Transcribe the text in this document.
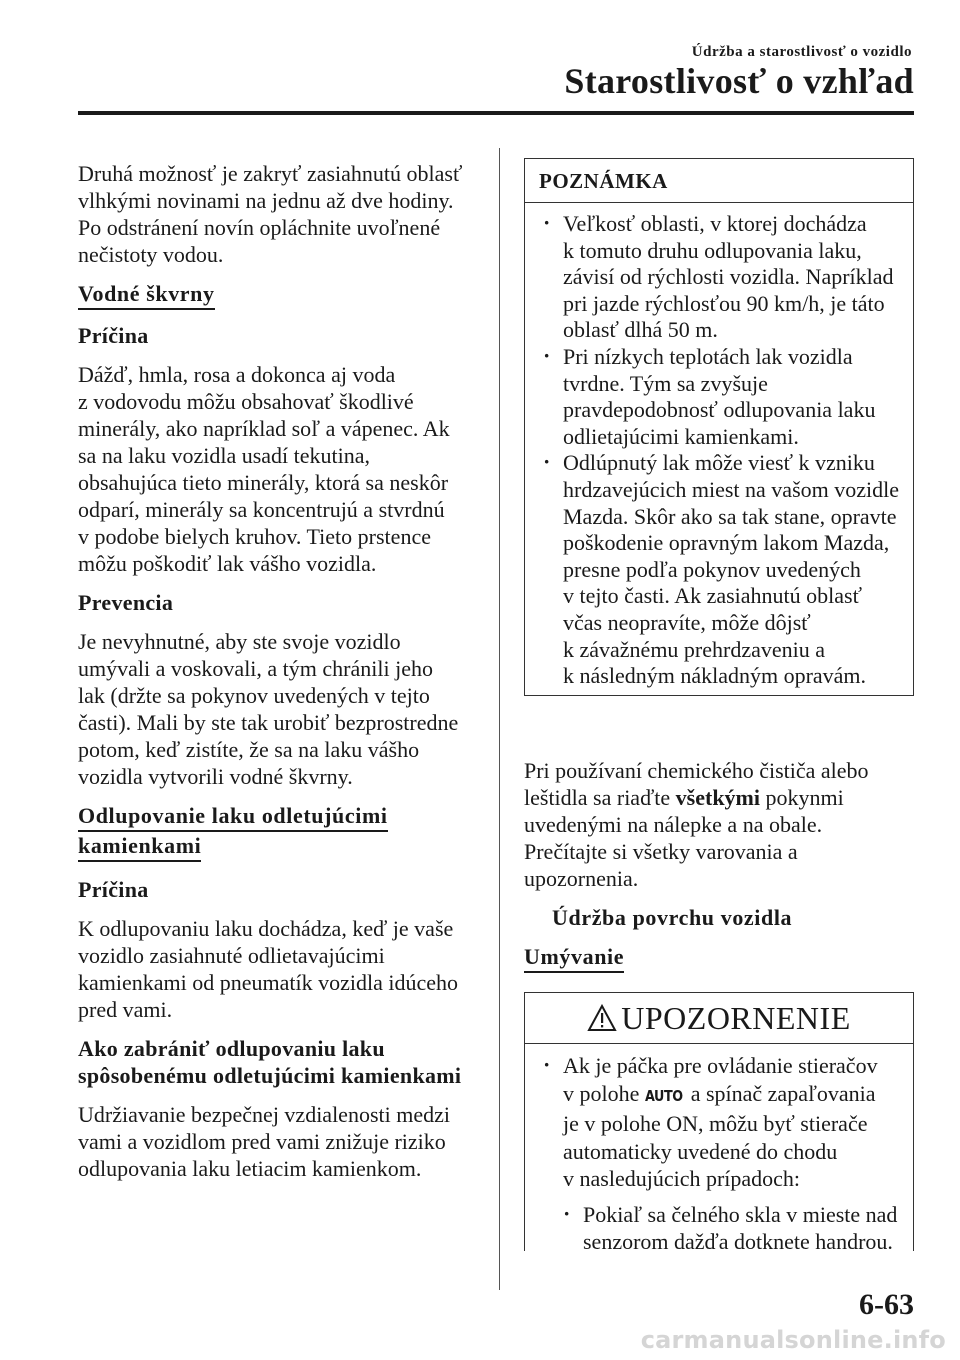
Údržba a starostlivosť o vozidlo
Starostlivosť o vzhľad

Druhá možnosť je zakryť zasiahnutú oblasť
vlhkými novinami na jednu až dve hodiny.
Po odstránení novín opláchnite uvoľnené
nečistoty vodou.

Vodné škvrny

Príčina

Dážď, hmla, rosa a dokonca aj voda
z vodovodu môžu obsahovať škodlivé
minerály, ako napríklad soľ a vápenec. Ak
sa na laku vozidla usadí tekutina,
obsahujúca tieto minerály, ktorá sa neskôr
odparí, minerály sa koncentrujú a stvrdnú
v podobe bielych kruhov. Tieto prstence
môžu poškodiť lak vášho vozidla.

Prevencia

Je nevyhnutné, aby ste svoje vozidlo
umývali a voskovali, a tým chránili jeho
lak (držte sa pokynov uvedených v tejto
časti). Mali by ste tak urobiť bezprostredne
potom, keď zistíte, že sa na laku vášho
vozidla vytvorili vodné škvrny.

Odlupovanie laku odletujúcimi
kamienkami

Príčina

K odlupovaniu laku dochádza, keď je vaše
vozidlo zasiahnuté odlietavajúcimi
kamienkami od pneumatík vozidla idúceho
pred vami.

Ako zabrániť odlupovaniu laku
spôsobenému odletujúcimi kamienkami

Udržiavanie bezpečnej vzdialenosti medzi
vami a vozidlom pred vami znižuje riziko
odlupovania laku letiacim kamienkom.

POZNÁMKA
· Veľkosť oblasti, v ktorej dochádza
k tomuto druhu odlupovania laku,
závisí od rýchlosti vozidla. Napríklad
pri jazde rýchlosťou 90 km/h, je táto
oblasť dlhá 50 m.
· Pri nízkych teplotách lak vozidla
tvrdne. Tým sa zvyšuje
pravdepodobnosť odlupovania laku
odlietajúcimi kamienkami.
· Odlúpnutý lak môže viesť k vzniku
hrdzavejúcich miest na vašom vozidle
Mazda. Skôr ako sa tak stane, opravte
poškodenie opravným lakom Mazda,
presne podľa pokynov uvedených
v tejto časti. Ak zasiahnutú oblasť
včas neopravíte, môže dôjsť
k závažnému prehrdzaveniu a
k následným nákladným opravám.

Pri používaní chemického čističa alebo
leštidla sa riaďte všetkými pokynmi
uvedenými na nálepke a na obale.
Prečítajte si všetky varovania a
upozornenia.

Údržba povrchu vozidla

Umývanie
UPOZORNENIE
· Ak je páčka pre ovládanie stieračov
v polohe AUTO a spínač zapaľovania
je v polohe ON, môžu byť stierače
automaticky uvedené do chodu
v nasledujúcich prípadoch:
· Pokiaľ sa čelného skla v mieste nad
senzorom dažďa dotknete handrou.
6-63
carmanualsonline.info
